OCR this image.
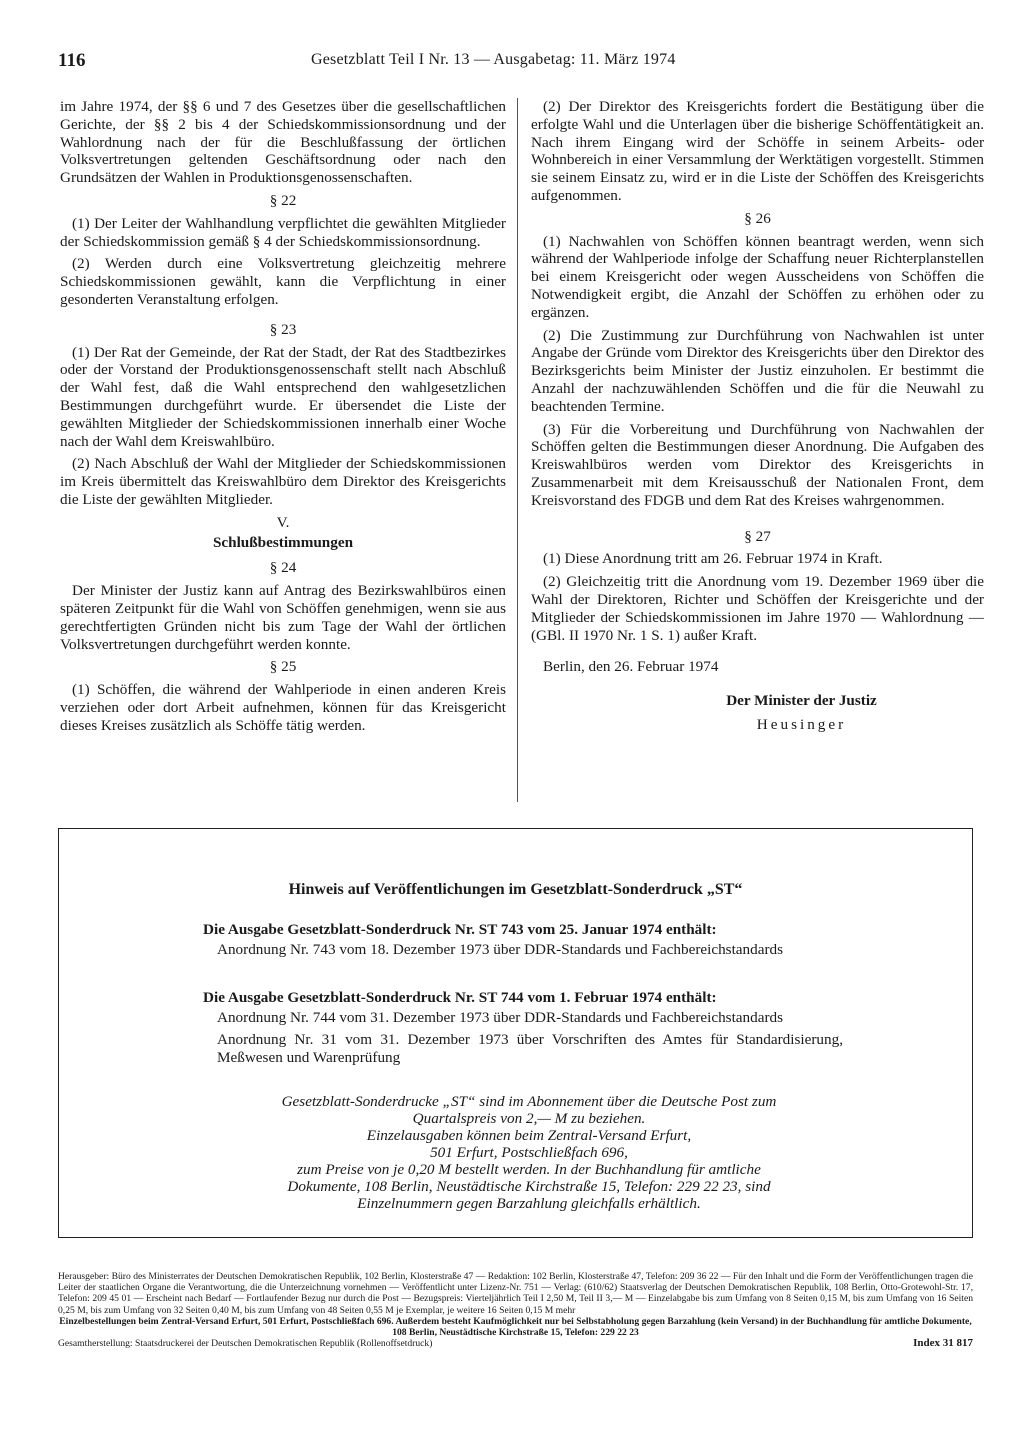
116	Gesetzblatt Teil I Nr. 13 — Ausgabetag: 11. März 1974

im Jahre 1974, der §§ 6 und 7 des Gesetzes über die gesellschaftlichen Gerichte, der §§ 2 bis 4 der Schiedskommissionsordnung und der Wahlordnung nach der für die Beschlußfassung der örtlichen Volksvertretungen geltenden Geschäftsordnung oder nach den Grundsätzen der Wahlen in Produktionsgenossenschaften.

§ 22

(1) Der Leiter der Wahlhandlung verpflichtet die gewählten Mitglieder der Schiedskommission gemäß § 4 der Schiedskommissionsordnung.

(2) Werden durch eine Volksvertretung gleichzeitig mehrere Schiedskommissionen gewählt, kann die Verpflichtung in einer gesonderten Veranstaltung erfolgen.

§ 23

(1) Der Rat der Gemeinde, der Rat der Stadt, der Rat des Stadtbezirkes oder der Vorstand der Produktionsgenossenschaft stellt nach Abschluß der Wahl fest, daß die Wahl entsprechend den wahlgesetzlichen Bestimmungen durchgeführt wurde. Er übersendet die Liste der gewählten Mitglieder der Schiedskommissionen innerhalb einer Woche nach der Wahl dem Kreiswahlbüro.

(2) Nach Abschluß der Wahl der Mitglieder der Schiedskommissionen im Kreis übermittelt das Kreiswahlbüro dem Direktor des Kreisgerichts die Liste der gewählten Mitglieder.

V.
Schlußbestimmungen
§ 24

Der Minister der Justiz kann auf Antrag des Bezirkswahlbüros einen späteren Zeitpunkt für die Wahl von Schöffen genehmigen, wenn sie aus gerechtfertigten Gründen nicht bis zum Tage der Wahl der örtlichen Volksvertretungen durchgeführt werden konnte.

§ 25

(1) Schöffen, die während der Wahlperiode in einen anderen Kreis verziehen oder dort Arbeit aufnehmen, können für das Kreisgericht dieses Kreises zusätzlich als Schöffe tätig werden.

(2) Der Direktor des Kreisgerichts fordert die Bestätigung über die erfolgte Wahl und die Unterlagen über die bisherige Schöffentätigkeit an. Nach ihrem Eingang wird der Schöffe in seinem Arbeits- oder Wohnbereich in einer Versammlung der Werktätigen vorgestellt. Stimmen sie seinem Einsatz zu, wird er in die Liste der Schöffen des Kreisgerichts aufgenommen.

§ 26

(1) Nachwahlen von Schöffen können beantragt werden, wenn sich während der Wahlperiode infolge der Schaffung neuer Richterplanstellen bei einem Kreisgericht oder wegen Ausscheidens von Schöffen die Notwendigkeit ergibt, die Anzahl der Schöffen zu erhöhen oder zu ergänzen.

(2) Die Zustimmung zur Durchführung von Nachwahlen ist unter Angabe der Gründe vom Direktor des Kreisgerichts über den Direktor des Bezirksgerichts beim Minister der Justiz einzuholen. Er bestimmt die Anzahl der nachzuwählenden Schöffen und die für die Neuwahl zu beachtenden Termine.

(3) Für die Vorbereitung und Durchführung von Nachwahlen der Schöffen gelten die Bestimmungen dieser Anordnung. Die Aufgaben des Kreiswahlbüros werden vom Direktor des Kreisgerichts in Zusammenarbeit mit dem Kreisausschuß der Nationalen Front, dem Kreisvorstand des FDGB und dem Rat des Kreises wahrgenommen.

§ 27

(1) Diese Anordnung tritt am 26. Februar 1974 in Kraft.

(2) Gleichzeitig tritt die Anordnung vom 19. Dezember 1969 über die Wahl der Direktoren, Richter und Schöffen der Kreisgerichte und der Mitglieder der Schiedskommissionen im Jahre 1970 — Wahlordnung — (GBl. II 1970 Nr. 1 S. 1) außer Kraft.

Berlin, den 26. Februar 1974

Der Minister der Justiz
Heusinger
Hinweis auf Veröffentlichungen im Gesetzblatt-Sonderdruck „ST“
Die Ausgabe Gesetzblatt-Sonderdruck Nr. ST 743 vom 25. Januar 1974 enthält:
Anordnung Nr. 743 vom 18. Dezember 1973 über DDR-Standards und Fachbereichstandards
Die Ausgabe Gesetzblatt-Sonderdruck Nr. ST 744 vom 1. Februar 1974 enthält:
Anordnung Nr. 744 vom 31. Dezember 1973 über DDR-Standards und Fachbereichstandards
Anordnung Nr. 31 vom 31. Dezember 1973 über Vorschriften des Amtes für Standardisierung, Meßwesen und Warenprüfung

Gesetzblatt-Sonderdrucke „ST“ sind im Abonnement über die Deutsche Post zum

Quartalspreis von 2,— M zu beziehen.

Einzelausgaben können beim Zentral-Versand Erfurt,

501 Erfurt, Postschließfach 696,

zum Preise von je 0,20 M bestellt werden. In der Buchhandlung für amtliche

Dokumente, 108 Berlin, Neustädtische Kirchstraße 15, Telefon: 229 22 23, sind

Einzelnummern gegen Barzahlung gleichfalls erhältlich.

Herausgeber: Büro des Ministerrates der Deutschen Demokratischen Republik, 102 Berlin, Klosterstraße 47 — Redaktion: 102 Berlin, Klosterstraße 47, Telefon: 209 36 22 — Für den Inhalt und die Form der Veröffentlichungen tragen die Leiter der staatlichen Organe die Verantwortung, die die Unterzeichnung vornehmen — Veröffentlicht unter Lizenz-Nr. 751 — Verlag: (610/62) Staatsverlag der Deutschen Demokratischen Republik, 108 Berlin, Otto-Grotewohl-Str. 17, Telefon: 209 45 01 — Erscheint nach Bedarf — Fortlaufender Bezug nur durch die Post — Bezugspreis: Vierteljährlich Teil I 2,50 M, Teil II 3,— M — Einzelabgabe bis zum Umfang von 8 Seiten 0,15 M, bis zum Umfang von 16 Seiten 0,25 M, bis zum Umfang von 32 Seiten 0,40 M, bis zum Umfang von 48 Seiten 0,55 M je Exemplar, je weitere 16 Seiten 0,15 M mehr

Einzelbestellungen beim Zentral-Versand Erfurt, 501 Erfurt, Postschließfach 696. Außerdem besteht Kaufmöglichkeit nur bei Selbstabholung gegen Barzahlung (kein Versand) in der Buchhandlung für amtliche Dokumente, 108 Berlin, Neustädtische Kirchstraße 15, Telefon: 229 22 23

Gesamtherstellung: Staatsdruckerei der Deutschen Demokratischen Republik (Rollenoffsetdruck)	Index 31 817
